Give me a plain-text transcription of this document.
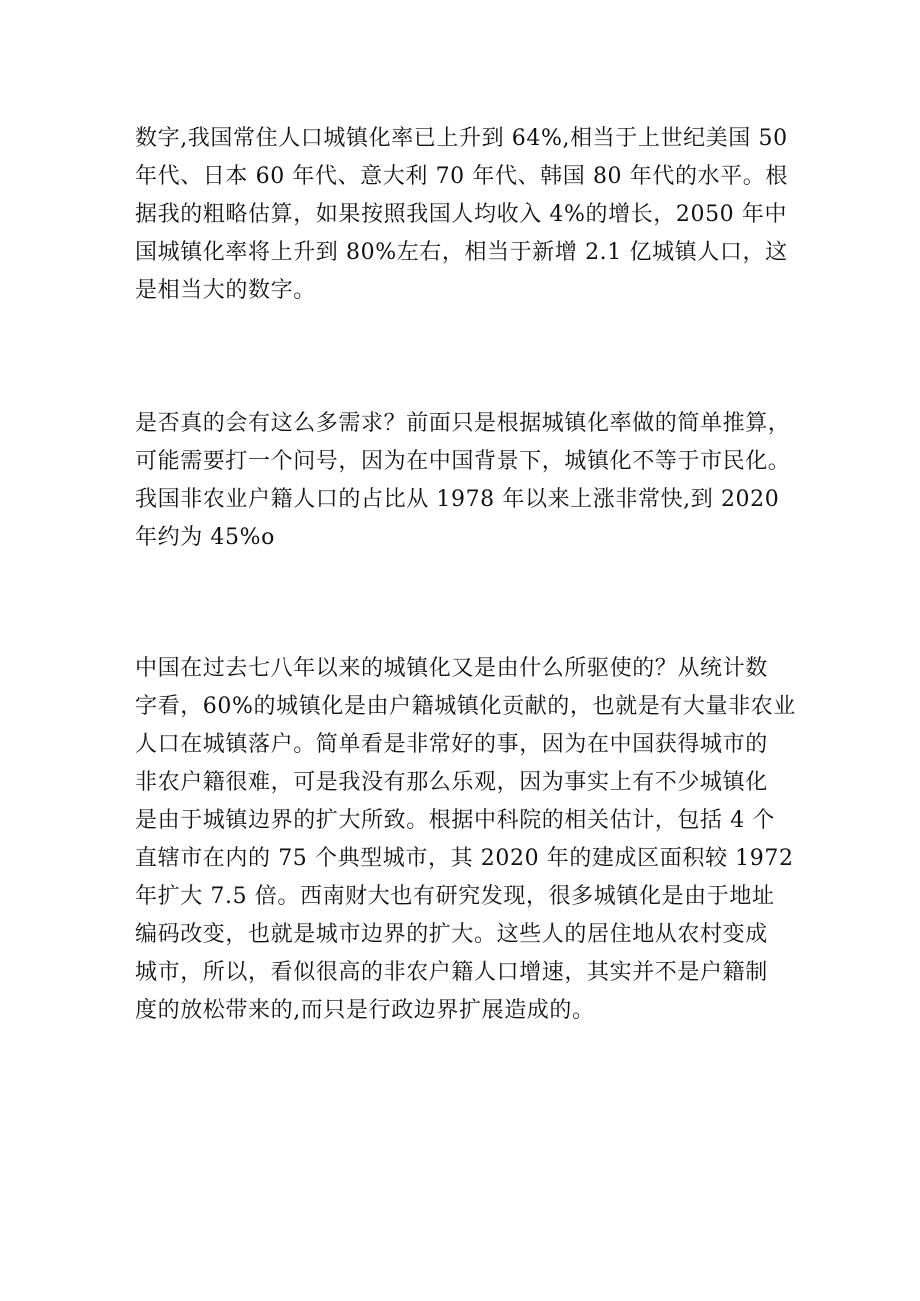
数字,我国常住人口城镇化率已上升到 64%,相当于上世纪美国 50
年代、日本 60 年代、意大利 70 年代、韩国 80 年代的水平。根
据我的粗略估算，如果按照我国人均收入 4%的增长，2050 年中
国城镇化率将上升到 80%左右，相当于新增 2.1 亿城镇人口，这
是相当大的数字。
是否真的会有这么多需求？前面只是根据城镇化率做的简单推算，
可能需要打一个问号，因为在中国背景下，城镇化不等于市民化。
我国非农业户籍人口的占比从 1978 年以来上涨非常快,到 2020
年约为 45%o
中国在过去七八年以来的城镇化又是由什么所驱使的？从统计数
字看，60%的城镇化是由户籍城镇化贡献的，也就是有大量非农业
人口在城镇落户。简单看是非常好的事，因为在中国获得城市的
非农户籍很难，可是我没有那么乐观，因为事实上有不少城镇化
是由于城镇边界的扩大所致。根据中科院的相关估计，包括 4 个
直辖市在内的 75 个典型城市，其 2020 年的建成区面积较 1972
年扩大 7.5 倍。西南财大也有研究发现，很多城镇化是由于地址
编码改变，也就是城市边界的扩大。这些人的居住地从农村变成
城市，所以，看似很高的非农户籍人口增速，其实并不是户籍制
度的放松带来的,而只是行政边界扩展造成的。
